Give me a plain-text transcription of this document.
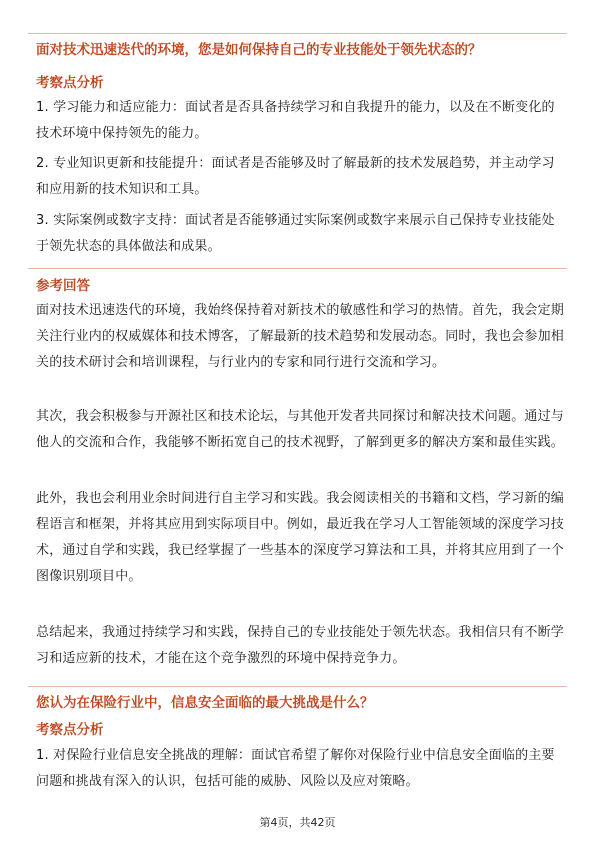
面对技术迅速迭代的环境，您是如何保持自己的专业技能处于领先状态的？
考察点分析
1. 学习能力和适应能力：面试者是否具备持续学习和自我提升的能力，以及在不断变化的技术环境中保持领先的能力。
2. 专业知识更新和技能提升：面试者是否能够及时了解最新的技术发展趋势，并主动学习和应用新的技术知识和工具。
3. 实际案例或数字支持：面试者是否能够通过实际案例或数字来展示自己保持专业技能处于领先状态的具体做法和成果。
参考回答
面对技术迅速迭代的环境，我始终保持着对新技术的敏感性和学习的热情。首先，我会定期关注行业内的权威媒体和技术博客，了解最新的技术趋势和发展动态。同时，我也会参加相关的技术研讨会和培训课程，与行业内的专家和同行进行交流和学习。
其次，我会积极参与开源社区和技术论坛，与其他开发者共同探讨和解决技术问题。通过与他人的交流和合作，我能够不断拓宽自己的技术视野，了解到更多的解决方案和最佳实践。
此外，我也会利用业余时间进行自主学习和实践。我会阅读相关的书籍和文档，学习新的编程语言和框架，并将其应用到实际项目中。例如，最近我在学习人工智能领域的深度学习技术，通过自学和实践，我已经掌握了一些基本的深度学习算法和工具，并将其应用到了一个图像识别项目中。
总结起来，我通过持续学习和实践，保持自己的专业技能处于领先状态。我相信只有不断学习和适应新的技术，才能在这个竞争激烈的环境中保持竞争力。
您认为在保险行业中，信息安全面临的最大挑战是什么？
考察点分析
1. 对保险行业信息安全挑战的理解：面试官希望了解你对保险行业中信息安全面临的主要问题和挑战有深入的认识，包括可能的威胁、风险以及应对策略。
第4页，共42页
